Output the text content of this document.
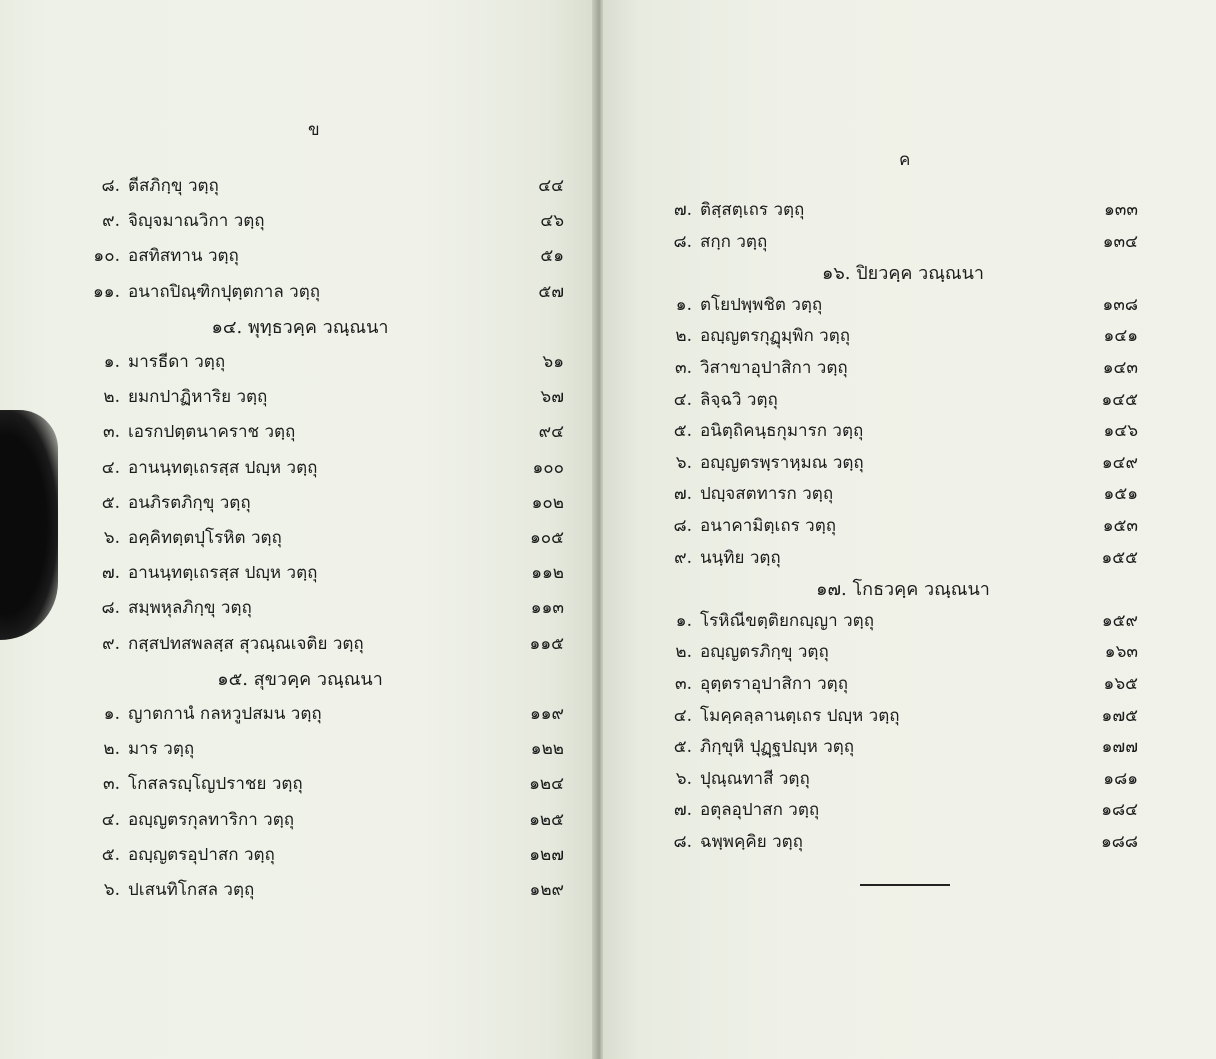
ข
๘. ตีสภิกฺขุ วตฺถุ	๔๔
๙. จิญฺจมาณวิกา วตฺถุ	๔๖
๑๐. อสทิสทาน วตฺถุ	๕๑
๑๑. อนาถปิณฺฑิกปุตฺตกาล วตฺถุ	๕๗
๑๔. พุทฺธวคฺค วณฺณนา
๑. มารธีดา วตฺถุ	๖๑
๒. ยมกปาฏิหาริย วตฺถุ	๖๗
๓. เอรกปตฺตนาคราช วตฺถุ	๙๔
๔. อานนฺทตฺเถรสฺส ปญฺห วตฺถุ	๑๐๐
๕. อนภิรตภิกฺขุ วตฺถุ	๑๐๒
๖. อคฺคิทตฺตปุโรหิต วตฺถุ	๑๐๕
๗. อานนฺทตฺเถรสฺส ปญฺห วตฺถุ	๑๑๒
๘. สมฺพหุลภิกฺขุ วตฺถุ	๑๑๓
๙. กสฺสปทสพลสฺส สุวณฺณเจติย วตฺถุ	๑๑๕
๑๕. สุขวคฺค วณฺณนา
๑. ญาตกานํ กลหวูปสมน วตฺถุ	๑๑๙
๒. มาร วตฺถุ	๑๒๒
๓. โกสลรญฺโญปราชย วตฺถุ	๑๒๔
๔. อญฺญตรกุลทาริกา วตฺถุ	๑๒๕
๕. อญฺญตรอุปาสก วตฺถุ	๑๒๗
๖. ปเสนทิโกสล วตฺถุ	๑๒๙
ค
๗. ติสฺสตฺเถร วตฺถุ	๑๓๓
๘. สกฺก วตฺถุ	๑๓๔
๑๖. ปิยวคฺค วณฺณนา
๑. ตโยปพฺพชิต วตฺถุ	๑๓๘
๒. อญฺญตรกุฏุมฺพิก วตฺถุ	๑๔๑
๓. วิสาขาอุปาสิกา วตฺถุ	๑๔๓
๔. ลิจฺฉวิ วตฺถุ	๑๔๕
๕. อนิตฺถิคนฺธกุมารก วตฺถุ	๑๔๖
๖. อญฺญตรพฺราหฺมณ วตฺถุ	๑๔๙
๗. ปญฺจสตทารก วตฺถุ	๑๕๑
๘. อนาคามิตฺเถร วตฺถุ	๑๕๓
๙. นนฺทิย วตฺถุ	๑๕๕
๑๗. โกธวคฺค วณฺณนา
๑. โรหิณีขตฺติยกญฺญา วตฺถุ	๑๕๙
๒. อญฺญตรภิกฺขุ วตฺถุ	๑๖๓
๓. อุตฺตราอุปาสิกา วตฺถุ	๑๖๕
๔. โมคฺคลฺลานตฺเถร ปญฺห วตฺถุ	๑๗๕
๕. ภิกฺขุหิ ปุฏฺฐปญฺห วตฺถุ	๑๗๗
๖. ปุณฺณทาสี วตฺถุ	๑๘๑
๗. อตุลอุปาสก วตฺถุ	๑๘๔
๘. ฉพฺพคฺคิย วตฺถุ	๑๘๘
